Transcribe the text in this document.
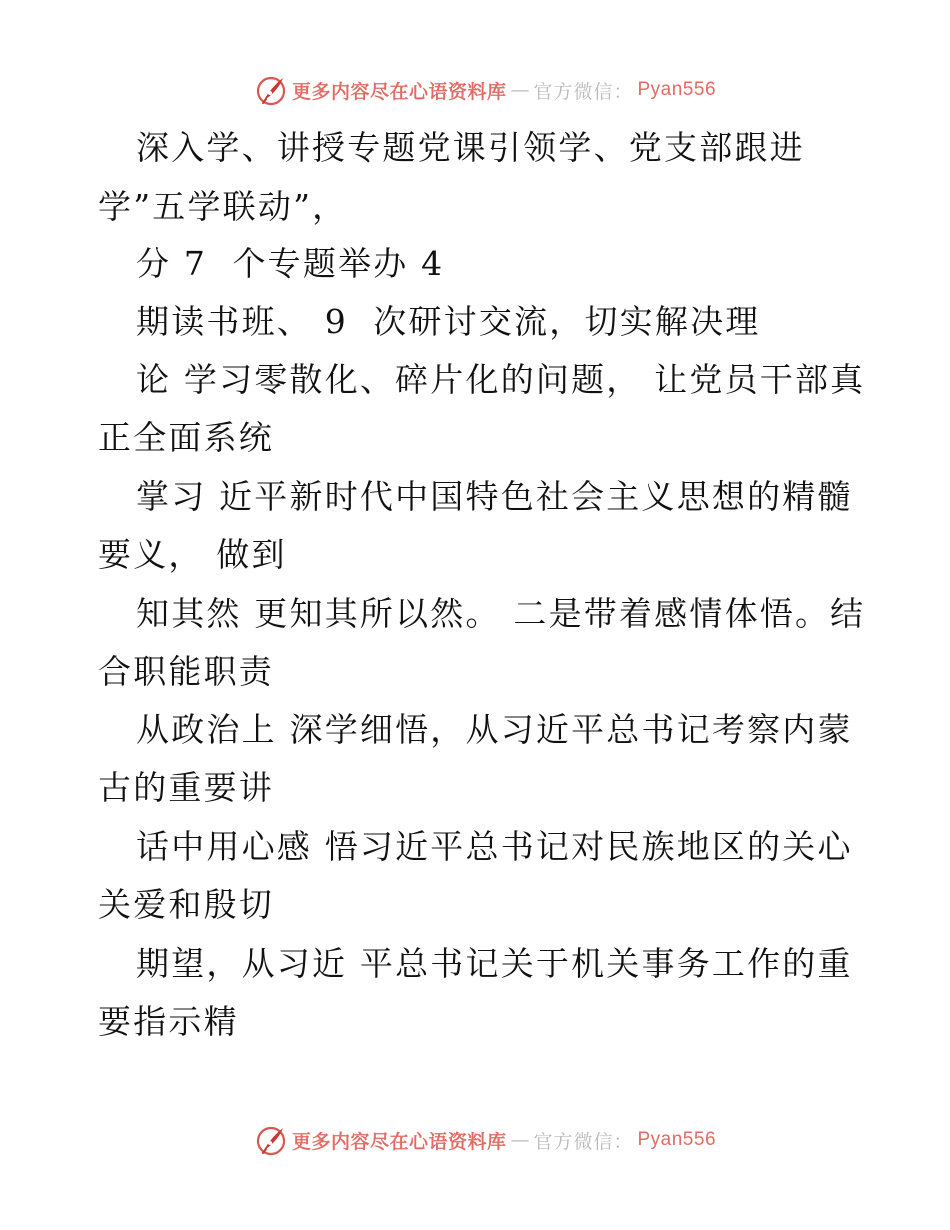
更多内容尽在心语资料库 — 官方微信： Pyan556
深入学、讲授专题党课引领学、党支部跟进
学”五学联动”，
分 7  个专题举办 4
期读书班、 9  次研讨交流，切实解决理
论 学习零散化、碎片化的问题， 让党员干部真
正全面系统
掌习 近平新时代中国特色社会主义思想的精髓
要义， 做到
知其然 更知其所以然。 二是带着感情体悟。结
合职能职责
从政治上 深学细悟，从习近平总书记考察内蒙
古的重要讲
话中用心感 悟习近平总书记对民族地区的关心
关爱和殷切
期望，从习近 平总书记关于机关事务工作的重
要指示精
更多内容尽在心语资料库 — 官方微信： Pyan556
